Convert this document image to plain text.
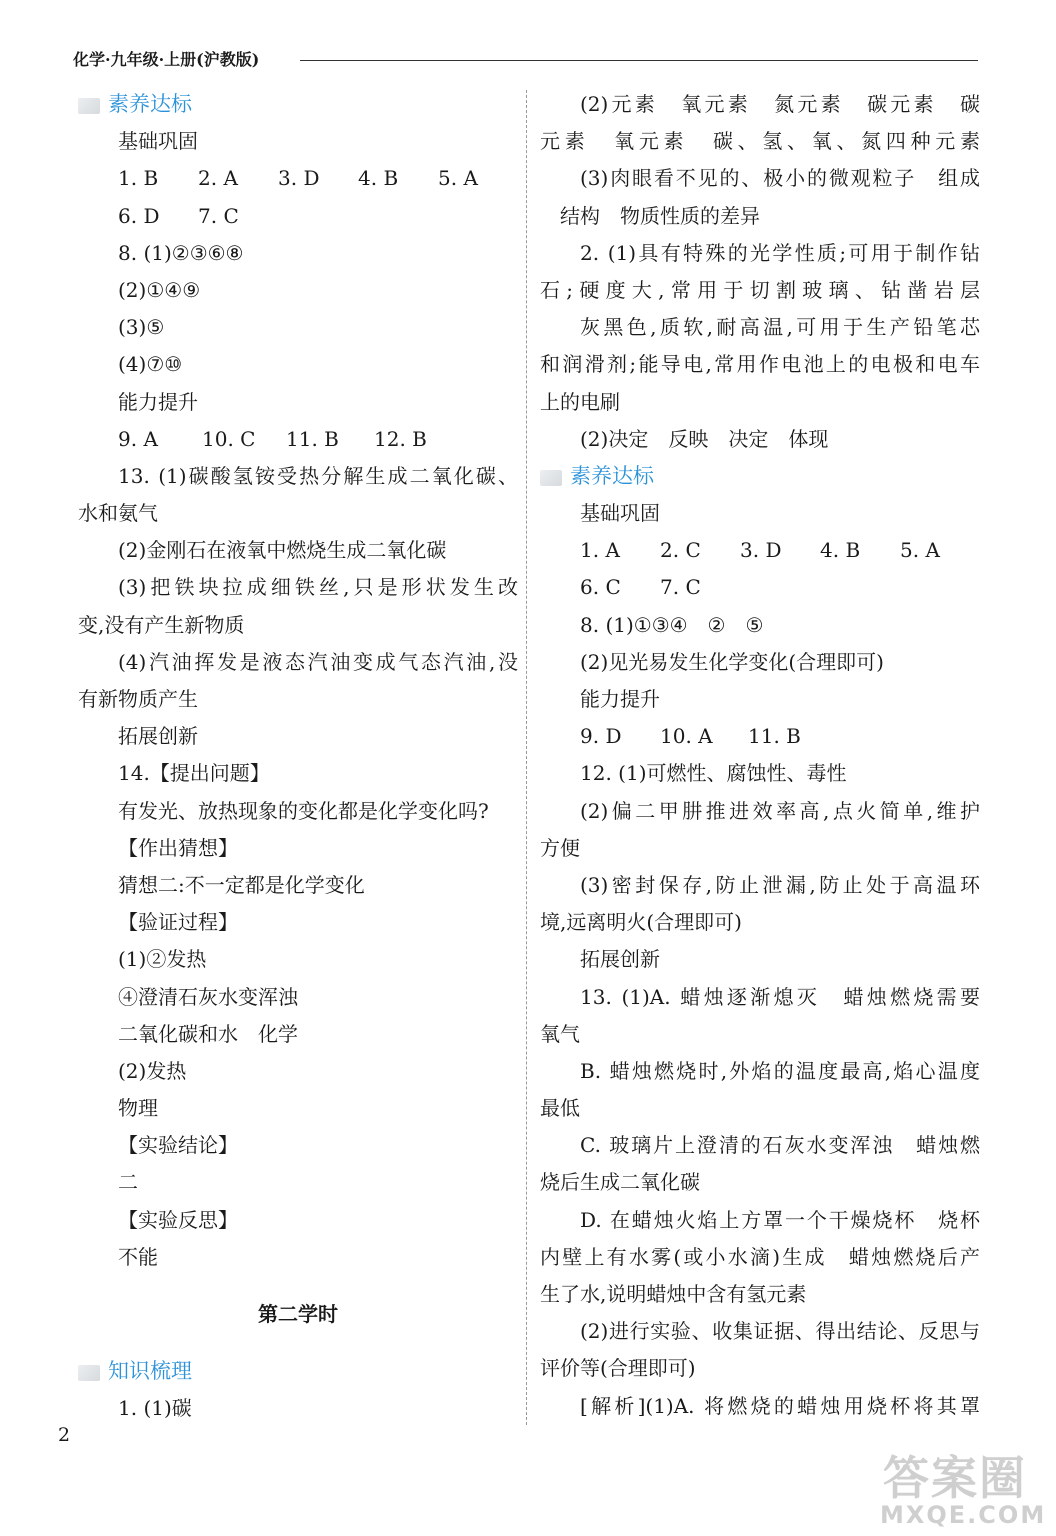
化学·九年级·上册(沪教版)
素养达标
基础巩固
1. B	2. A	3. D	4. B	5. A
6. D	7. C
8. (1)②③⑥⑧
(2)①④⑨
(3)⑤
(4)⑦⑩
能力提升
9. A	10. C	11. B	12. B
13. (1)碳酸氢铵受热分解生成二氧化碳、
水和氨气
(2)金刚石在液氧中燃烧生成二氧化碳
(3)把铁块拉成细铁丝,只是形状发生改
变,没有产生新物质
(4)汽油挥发是液态汽油变成气态汽油,没
有新物质产生
拓展创新
14.【提出问题】
有发光、放热现象的变化都是化学变化吗?
【作出猜想】
猜想二:不一定都是化学变化
【验证过程】
(1)②发热
④澄清石灰水变浑浊
二氧化碳和水　化学
(2)发热
物理
【实验结论】
二
【实验反思】
不能
第二学时
知识梳理
1. (1)碳
(2)元素　氧元素　氮元素　碳元素　碳
元素　氧元素　碳、氢、氧、氮四种元素
(3)肉眼看不见的、极小的微观粒子　组成
结构　物质性质的差异
2. (1)具有特殊的光学性质;可用于制作钻
石;硬度大,常用于切割玻璃、钻凿岩层
灰黑色,质软,耐高温,可用于生产铅笔芯
和润滑剂;能导电,常用作电池上的电极和电车
上的电刷
(2)决定　反映　决定　体现
素养达标
基础巩固
1. A	2. C	3. D	4. B	5. A
6. C	7. C
8. (1)①③④　②　⑤
(2)见光易发生化学变化(合理即可)
能力提升
9. D	10. A	11. B
12. (1)可燃性、腐蚀性、毒性
(2)偏二甲肼推进效率高,点火简单,维护
方便
(3)密封保存,防止泄漏,防止处于高温环
境,远离明火(合理即可)
拓展创新
13. (1)A. 蜡烛逐渐熄灭　蜡烛燃烧需要
氧气
B. 蜡烛燃烧时,外焰的温度最高,焰心温度
最低
C. 玻璃片上澄清的石灰水变浑浊　蜡烛燃
烧后生成二氧化碳
D. 在蜡烛火焰上方罩一个干燥烧杯　烧杯
内壁上有水雾(或小水滴)生成　蜡烛燃烧后产
生了水,说明蜡烛中含有氢元素
(2)进行实验、收集证据、得出结论、反思与
评价等(合理即可)
[解析](1)A. 将燃烧的蜡烛用烧杯将其罩
2
答案圈
MXQE.COM
